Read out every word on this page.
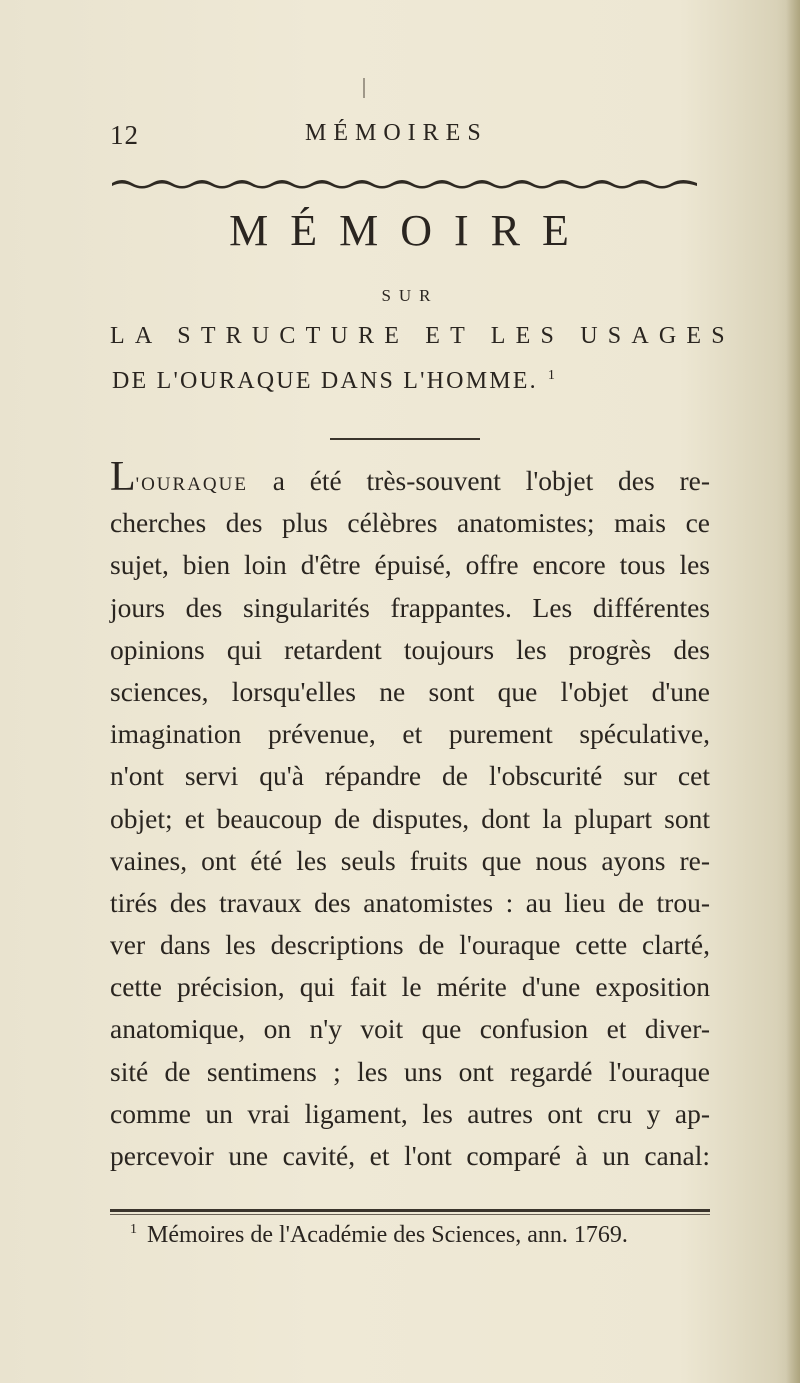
12	MÉMOIRES
MÉMOIRE
SUR
LA STRUCTURE ET LES USAGES
DE L'OURAQUE DANS L'HOMME. $^1$
L'OURAQUE a été très-souvent l'objet des re-
cherches des plus célèbres anatomistes; mais ce
sujet, bien loin d'être épuisé, offre encore tous les
jours des singularités frappantes. Les différentes
opinions qui retardent toujours les progrès des
sciences, lorsqu'elles ne sont que l'objet d'une
imagination prévenue, et purement spéculative,
n'ont servi qu'à répandre de l'obscurité sur cet
objet; et beaucoup de disputes, dont la plupart sont
vaines, ont été les seuls fruits que nous ayons re-
tirés des travaux des anatomistes : au lieu de trou-
ver dans les descriptions de l'ouraque cette clarté,
cette précision, qui fait le mérite d'une exposition
anatomique, on n'y voit que confusion et diver-
sité de sentimens ; les uns ont regardé l'ouraque
comme un vrai ligament, les autres ont cru y ap-
percevoir une cavité, et l'ont comparé à un canal:
$^1$ Mémoires de l'Académie des Sciences, ann. 1769.
